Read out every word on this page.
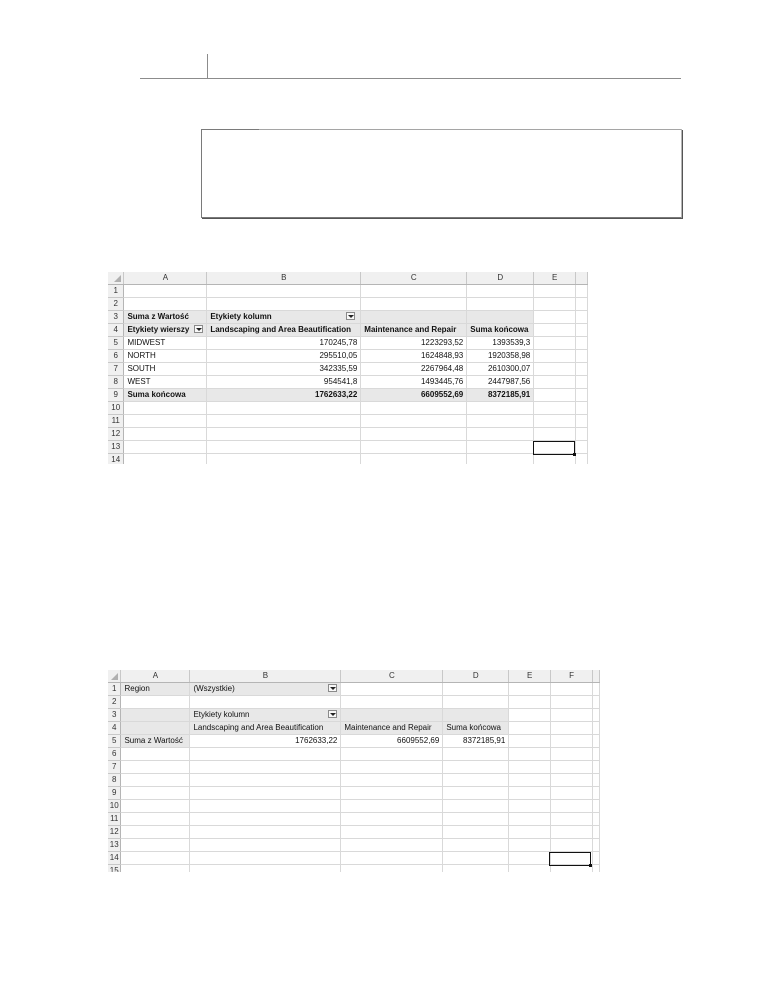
	A	B	C	D	E	
1						
2						
3	Suma z Wartość	Etykiety kolumn

4	Etykiety wierszy	Landscaping and Area Beautification	Maintenance and Repair	Suma końcowa		
5	MIDWEST	170245,78	1223293,52	1393539,3		
6	NORTH	295510,05	1624848,93	1920358,98		
7	SOUTH	342335,59	2267964,48	2610300,07		
8	WEST	954541,8	1493445,76	2447987,56		
9	Suma końcowa	1762633,22	6609552,69	8372185,91		
10						
11						
12						
13						
14						
	A	B	C	D	E	F	
1	Region	(Wszystkie)

2							
3		Etykiety kolumn

4		Landscaping and Area Beautification	Maintenance and Repair	Suma końcowa			
5	Suma z Wartość	1762633,22	6609552,69	8372185,91			
6							
7							
8							
9							
10							
11							
12							
13							
14							
15							
